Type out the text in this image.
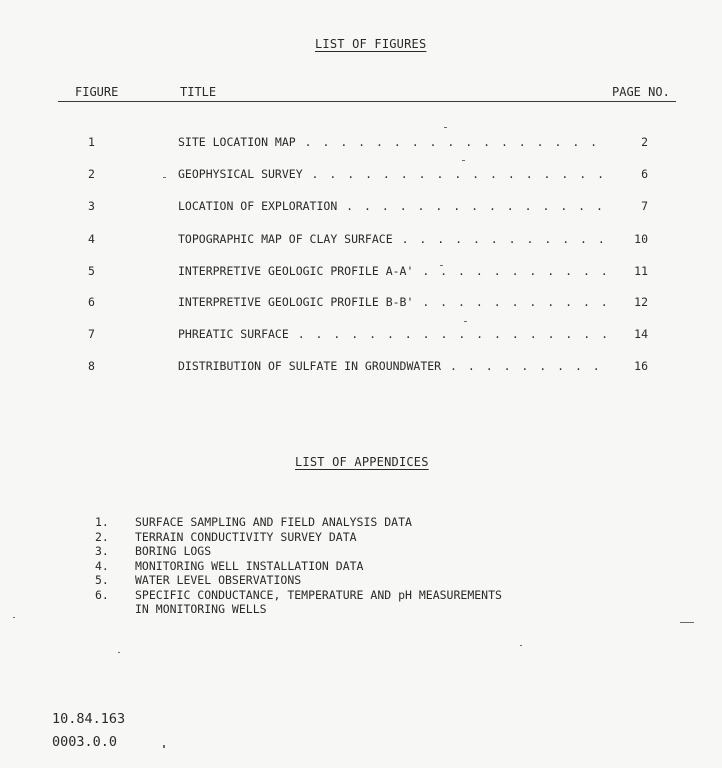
LIST OF FIGURES
FIGURE	TITLE	PAGE NO.
1	SITE LOCATION MAP . . .	2
2	GEOPHYSICAL SURVEY . . .	6
3	LOCATION OF EXPLORATION . . .	7
4	TOPOGRAPHIC MAP OF CLAY SURFACE . . .	10
5	INTERPRETIVE GEOLOGIC PROFILE A-A' . . .	11
6	INTERPRETIVE GEOLOGIC PROFILE B-B' . . .	12
7	PHREATIC SURFACE . . .	14
8	DISTRIBUTION OF SULFATE IN GROUNDWATER . . .	16
LIST OF APPENDICES
1.	SURFACE SAMPLING AND FIELD ANALYSIS DATA
2.	TERRAIN CONDUCTIVITY SURVEY DATA
3.	BORING LOGS
4.	MONITORING WELL INSTALLATION DATA
5.	WATER LEVEL OBSERVATIONS
6.	SPECIFIC CONDUCTANCE, TEMPERATURE AND pH MEASUREMENTS
IN MONITORING WELLS
10.84.163
0003.0.0
